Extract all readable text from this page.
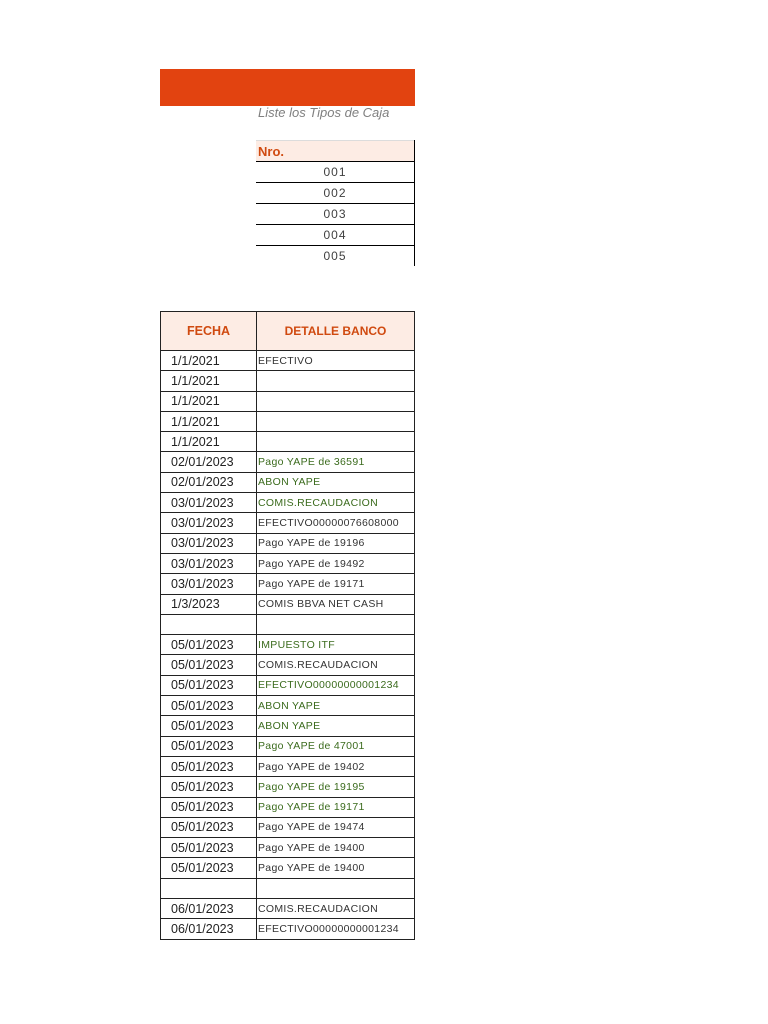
Liste los Tipos de Caja
Nro.
001
002
003
004
005
FECHA	DETALLE BANCO
1/1/2021	EFECTIVO
1/1/2021	
1/1/2021	
1/1/2021	
1/1/2021	
02/01/2023	Pago YAPE de 36591
02/01/2023	ABON YAPE
03/01/2023	COMIS.RECAUDACION
03/01/2023	EFECTIVO00000076608000
03/01/2023	Pago YAPE de 19196
03/01/2023	Pago YAPE de 19492
03/01/2023	Pago YAPE de 19171
1/3/2023	COMIS BBVA NET CASH

05/01/2023	IMPUESTO ITF
05/01/2023	COMIS.RECAUDACION
05/01/2023	EFECTIVO00000000001234
05/01/2023	ABON YAPE
05/01/2023	ABON YAPE
05/01/2023	Pago YAPE de 47001
05/01/2023	Pago YAPE de 19402
05/01/2023	Pago YAPE de 19195
05/01/2023	Pago YAPE de 19171
05/01/2023	Pago YAPE de 19474
05/01/2023	Pago YAPE de 19400
05/01/2023	Pago YAPE de 19400

06/01/2023	COMIS.RECAUDACION
06/01/2023	EFECTIVO00000000001234
